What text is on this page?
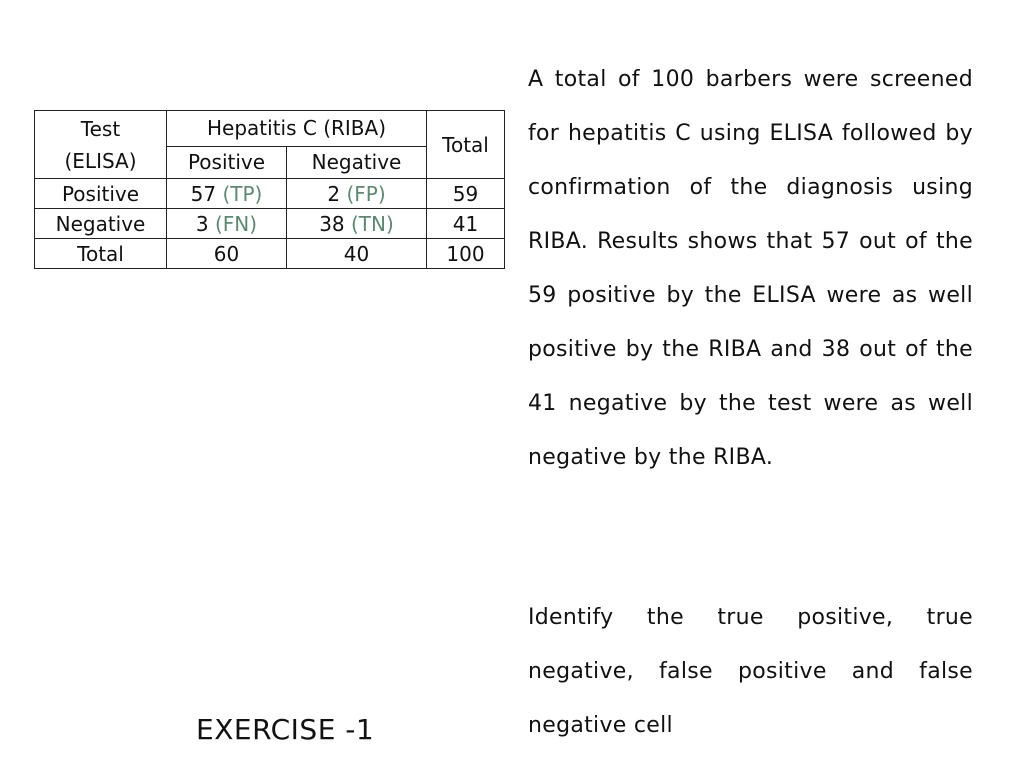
Test
(ELISA)	Hepatitis C (RIBA)		Total
	Positive	Negative	
Positive	57 (TP)	2 (FP)	59
Negative	3 (FN)	38 (TN)	41
Total	60	40	100
A total of 100 barbers were screened for hepatitis C using ELISA followed by confirmation of the diagnosis using RIBA. Results shows that 57 out of the 59 positive by the ELISA were as well positive by the RIBA and 38 out of the 41 negative by the test were as well negative by the RIBA.
Identify the true positive, true negative, false positive and false negative cell
EXERCISE -1
